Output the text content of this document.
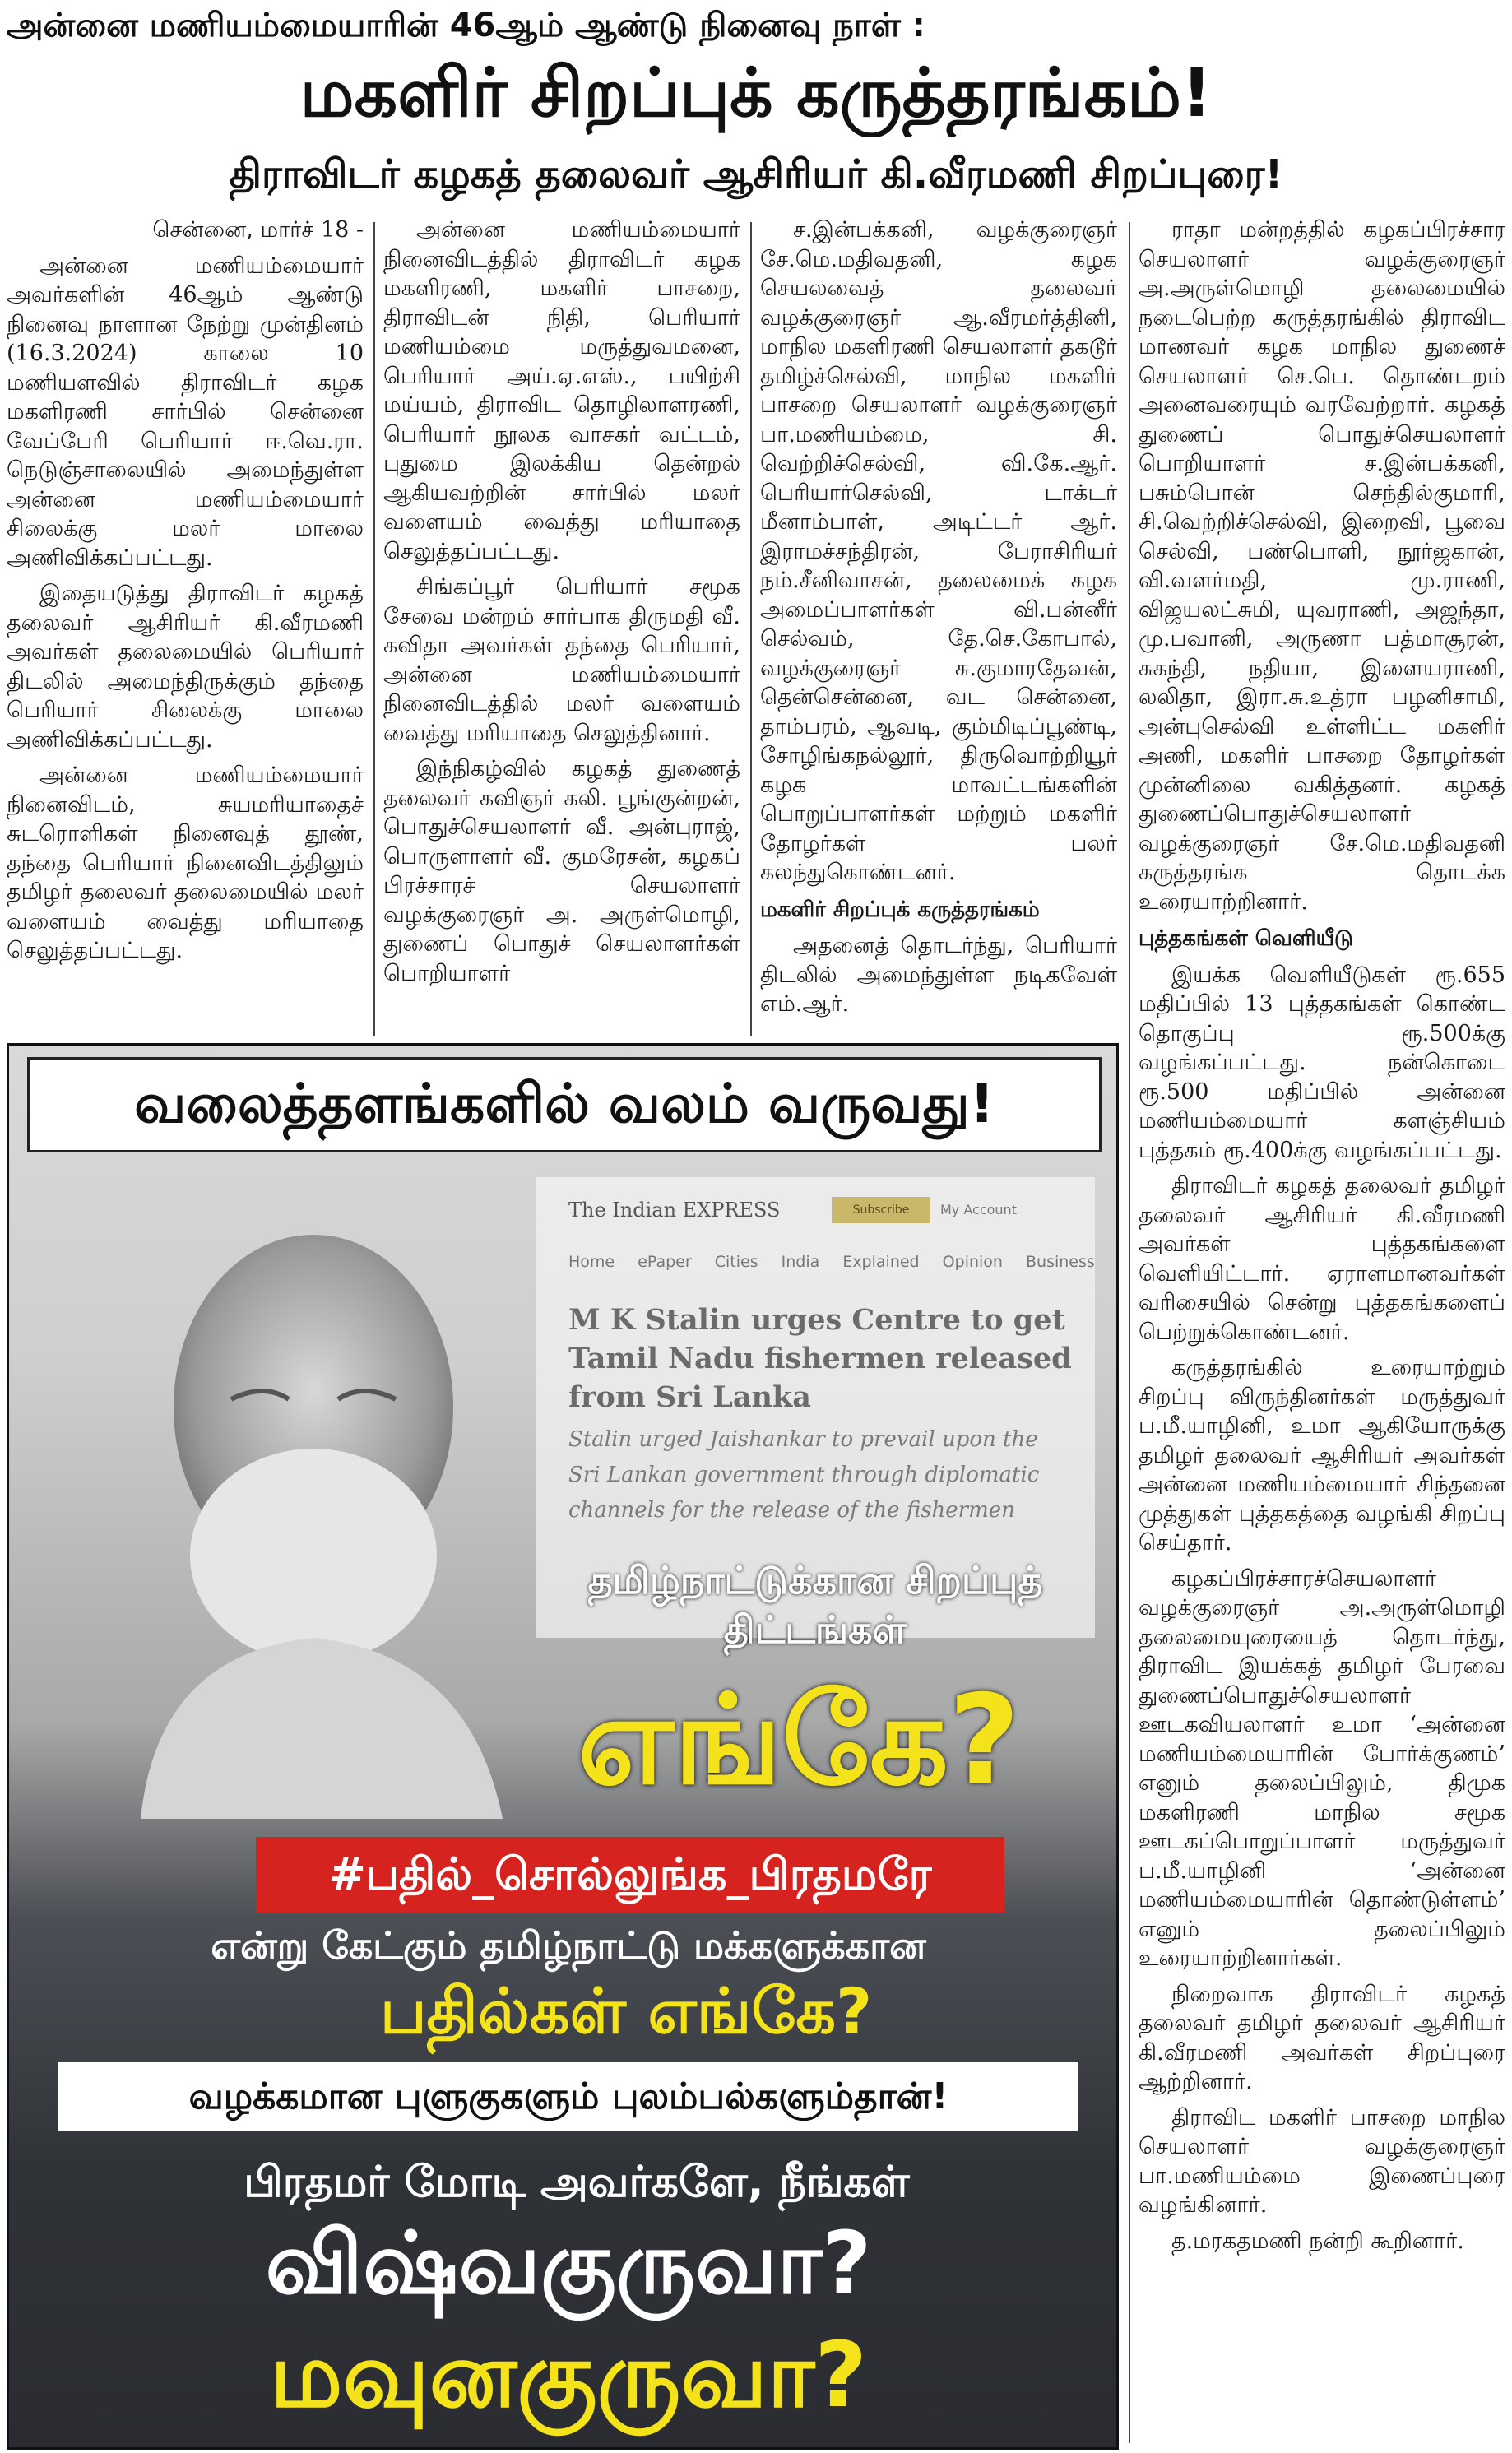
அன்னை மணியம்மையாரின் 46ஆம் ஆண்டு நினைவு நாள் :
மகளிர் சிறப்புக் கருத்தரங்கம்!
திராவிடர் கழகத் தலைவர் ஆசிரியர் கி.வீரமணி சிறப்புரை!

சென்னை, மார்ச் 18 -

அன்னை மணியம்மையார் அவர்களின் 46ஆம் ஆண்டு நினைவு நாளான நேற்று முன்தினம் (16.3.2024) காலை 10 மணியளவில் திராவிடர் கழக மகளிரணி சார்பில் சென்னை வேப்பேரி பெரியார் ஈ.வெ.ரா. நெடுஞ்சாலையில் அமைந்துள்ள அன்னை மணியம்மையார் சிலைக்கு மலர் மாலை அணிவிக்கப்பட்டது.

இதையடுத்து திராவிடர் கழகத் தலைவர் ஆசிரியர் கி.வீரமணி அவர்கள் தலைமையில் பெரியார் திடலில் அமைந்திருக்கும் தந்தை பெரியார் சிலைக்கு மாலை அணிவிக்கப்பட்டது.

அன்னை மணியம்மையார் நினைவிடம், சுயமரியாதைச் சுடரொளிகள் நினைவுத் தூண், தந்தை பெரியார் நினைவிடத்திலும் தமிழர் தலைவர் தலைமையில் மலர் வளையம் வைத்து மரியாதை செலுத்தப்பட்டது.

அன்னை மணியம்மையார் நினைவிடத்தில் திராவிடர் கழக மகளிரணி, மகளிர் பாசறை, திராவிடன் நிதி, பெரியார் மணியம்மை மருத்துவமனை, பெரியார் அய்.ஏ.எஸ்., பயிற்சி மய்யம், திராவிட தொழிலாளரணி, பெரியார் நூலக வாசகர் வட்டம், புதுமை இலக்கிய தென்றல் ஆகியவற்றின் சார்பில் மலர் வளையம் வைத்து மரியாதை செலுத்தப்பட்டது.

சிங்கப்பூர் பெரியார் சமூக சேவை மன்றம் சார்பாக திருமதி வீ. கவிதா அவர்கள் தந்தை பெரியார், அன்னை மணியம்மையார் நினைவிடத்தில் மலர் வளையம் வைத்து மரியாதை செலுத்தினார்.

இந்நிகழ்வில் கழகத் துணைத் தலைவர் கவிஞர் கலி. பூங்குன்றன், பொதுச்செயலாளர் வீ. அன்புராஜ், பொருளாளர் வீ. குமரேசன், கழகப் பிரச்சாரச் செயலாளர் வழக்குரைஞர் அ. அருள்மொழி, துணைப் பொதுச் செயலாளர்கள் பொறியாளர்

ச.இன்பக்கனி, வழக்குரைஞர் சே.மெ.மதிவதனி, கழக செயலவைத் தலைவர் வழக்குரைஞர் ஆ.வீரமர்த்தினி, மாநில மகளிரணி செயலாளர் தகடூர் தமிழ்ச்செல்வி, மாநில மகளிர் பாசறை செயலாளர் வழக்குரைஞர் பா.மணியம்மை, சி. வெற்றிச்செல்வி, வி.கே.ஆர். பெரியார்செல்வி, டாக்டர் மீனாம்பாள், அடிட்டர் ஆர். இராமச்சந்திரன், பேராசிரியர் நம்.சீனிவாசன், தலைமைக் கழக அமைப்பாளர்கள் வி.பன்னீர் செல்வம், தே.செ.கோபால், வழக்குரைஞர் சு.குமாரதேவன், தென்சென்னை, வட சென்னை, தாம்பரம், ஆவடி, கும்மிடிப்பூண்டி, சோழிங்கநல்லூர், திருவொற்றியூர் கழக மாவட்டங்களின் பொறுப்பாளர்கள் மற்றும் மகளிர் தோழர்கள் பலர் கலந்துகொண்டனர்.

மகளிர் சிறப்புக் கருத்தரங்கம்

அதனைத் தொடர்ந்து, பெரியார் திடலில் அமைந்துள்ள நடிகவேள் எம்.ஆர்.

ராதா மன்றத்தில் கழகப்பிரச்சார செயலாளர் வழக்குரைஞர் அ.அருள்மொழி தலைமையில் நடைபெற்ற கருத்தரங்கில் திராவிட மாணவர் கழக மாநில துணைச் செயலாளர் செ.பெ. தொண்டறம் அனைவரையும் வரவேற்றார். கழகத் துணைப் பொதுச்செயலாளர் பொறியாளர் ச.இன்பக்கனி, பசும்பொன் செந்தில்குமாரி, சி.வெற்றிச்செல்வி, இறைவி, பூவை செல்வி, பண்பொளி, நூர்ஜகான், வி.வளர்மதி, மு.ராணி, விஜயலட்சுமி, யுவராணி, அஜந்தா, மு.பவானி, அருணா பத்மாசூரன், சுகந்தி, நதியா, இளையராணி, லலிதா, இரா.சு.உத்ரா பழனிசாமி, அன்புசெல்வி உள்ளிட்ட மகளிர் அணி, மகளிர் பாசறை தோழர்கள் முன்னிலை வகித்தனர். கழகத் துணைப்பொதுச்செயலாளர் வழக்குரைஞர் சே.மெ.மதிவதனி கருத்தரங்க தொடக்க உரையாற்றினார்.

புத்தகங்கள் வெளியீடு

இயக்க வெளியீடுகள் ரூ.655 மதிப்பில் 13 புத்தகங்கள் கொண்ட தொகுப்பு ரூ.500க்கு வழங்கப்பட்டது. நன்கொடை ரூ.500 மதிப்பில் அன்னை மணியம்மையார் களஞ்சியம் புத்தகம் ரூ.400க்கு வழங்கப்பட்டது.

திராவிடர் கழகத் தலைவர் தமிழர் தலைவர் ஆசிரியர் கி.வீரமணி அவர்கள் புத்தகங்களை வெளியிட்டார். ஏராளமானவர்கள் வரிசையில் சென்று புத்தகங்களைப் பெற்றுக்கொண்டனர்.

கருத்தரங்கில் உரையாற்றும் சிறப்பு விருந்தினர்கள் மருத்துவர் ப.மீ.யாழினி, உமா ஆகியோருக்கு தமிழர் தலைவர் ஆசிரியர் அவர்கள் அன்னை மணியம்மையார் சிந்தனை முத்துகள் புத்தகத்தை வழங்கி சிறப்பு செய்தார்.

கழகப்பிரச்சாரச்செயலாளர் வழக்குரைஞர் அ.அருள்மொழி தலைமையுரையைத் தொடர்ந்து, திராவிட இயக்கத் தமிழர் பேரவை துணைப்பொதுச்செயலாளர் ஊடகவியலாளர் உமா ‘அன்னை மணியம்மையாரின் போர்க்குணம்’ எனும் தலைப்பிலும், திமுக மகளிரணி மாநில சமூக ஊடகப்பொறுப்பாளர் மருத்துவர் ப.மீ.யாழினி ‘அன்னை மணியம்மையாரின் தொண்டுள்ளம்’ எனும் தலைப்பிலும் உரையாற்றினார்கள்.

நிறைவாக திராவிடர் கழகத் தலைவர் தமிழர் தலைவர் ஆசிரியர் கி.வீரமணி அவர்கள் சிறப்புரை ஆற்றினார்.

திராவிட மகளிர் பாசறை மாநில செயலாளர் வழக்குரைஞர் பா.மணியம்மை இணைப்புரை வழங்கினார்.

த.மரகதமணி நன்றி கூறினார்.

வலைத்தளங்களில் வலம் வருவது!
The Indian EXPRESS	Subscribe	My Account
Home ePaper Cities India Explained Opinion Business
M K Stalin urges Centre to get Tamil Nadu fishermen released from Sri Lanka
Stalin urged Jaishankar to prevail upon the Sri Lankan government through diplomatic channels for the release of the fishermen
தமிழ்நாட்டுக்கான சிறப்புத் திட்டங்கள்
எங்கே?
#பதில்_சொல்லுங்க_பிரதமரே
என்று கேட்கும் தமிழ்நாட்டு மக்களுக்கான
பதில்கள் எங்கே?
வழக்கமான புளுகுகளும் புலம்பல்களும்தான்!
பிரதமர் மோடி அவர்களே, நீங்கள்
விஷ்வகுருவா?
மவுனகுருவா?
